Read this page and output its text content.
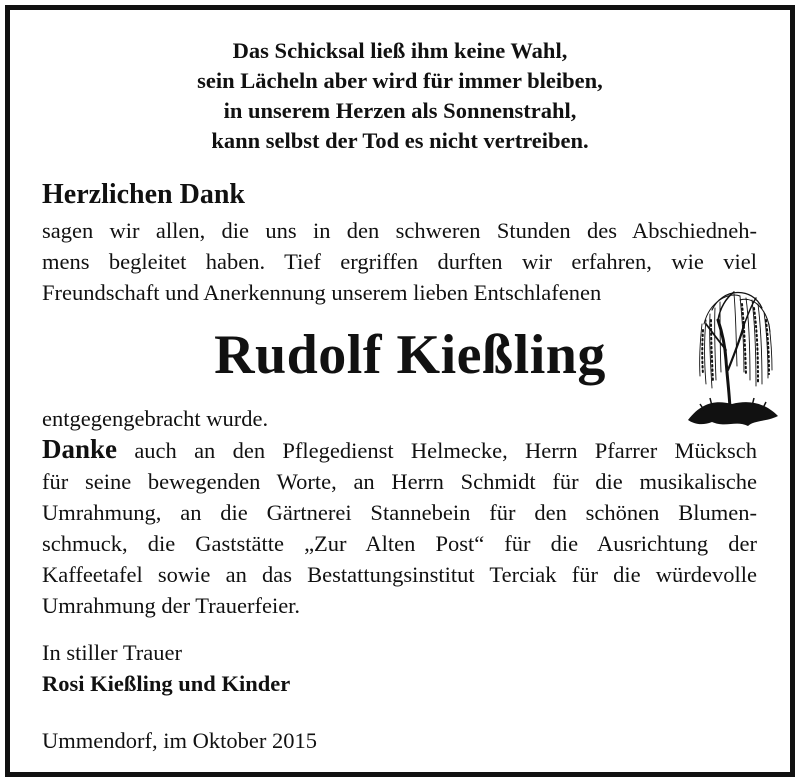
Das Schicksal ließ ihm keine Wahl,
sein Lächeln aber wird für immer bleiben,
in unserem Herzen als Sonnenstrahl,
kann selbst der Tod es nicht vertreiben.
Herzlichen Dank
sagen wir allen, die uns in den schweren Stunden des Abschiedneh-
mens begleitet haben. Tief ergriffen durften wir erfahren, wie viel
Freundschaft und Anerkennung unserem lieben Entschlafenen
Rudolf Kießling
entgegengebracht wurde.
Danke auch an den Pflegedienst Helmecke, Herrn Pfarrer Mücksch
für seine bewegenden Worte, an Herrn Schmidt für die musikalische
Umrahmung, an die Gärtnerei Stannebein für den schönen Blumen-
schmuck, die Gaststätte „Zur Alten Post“ für die Ausrichtung der
Kaffeetafel sowie an das Bestattungsinstitut Terciak für die würdevolle
Umrahmung der Trauerfeier.
In stiller Trauer
Rosi Kießling und Kinder
Ummendorf, im Oktober 2015
